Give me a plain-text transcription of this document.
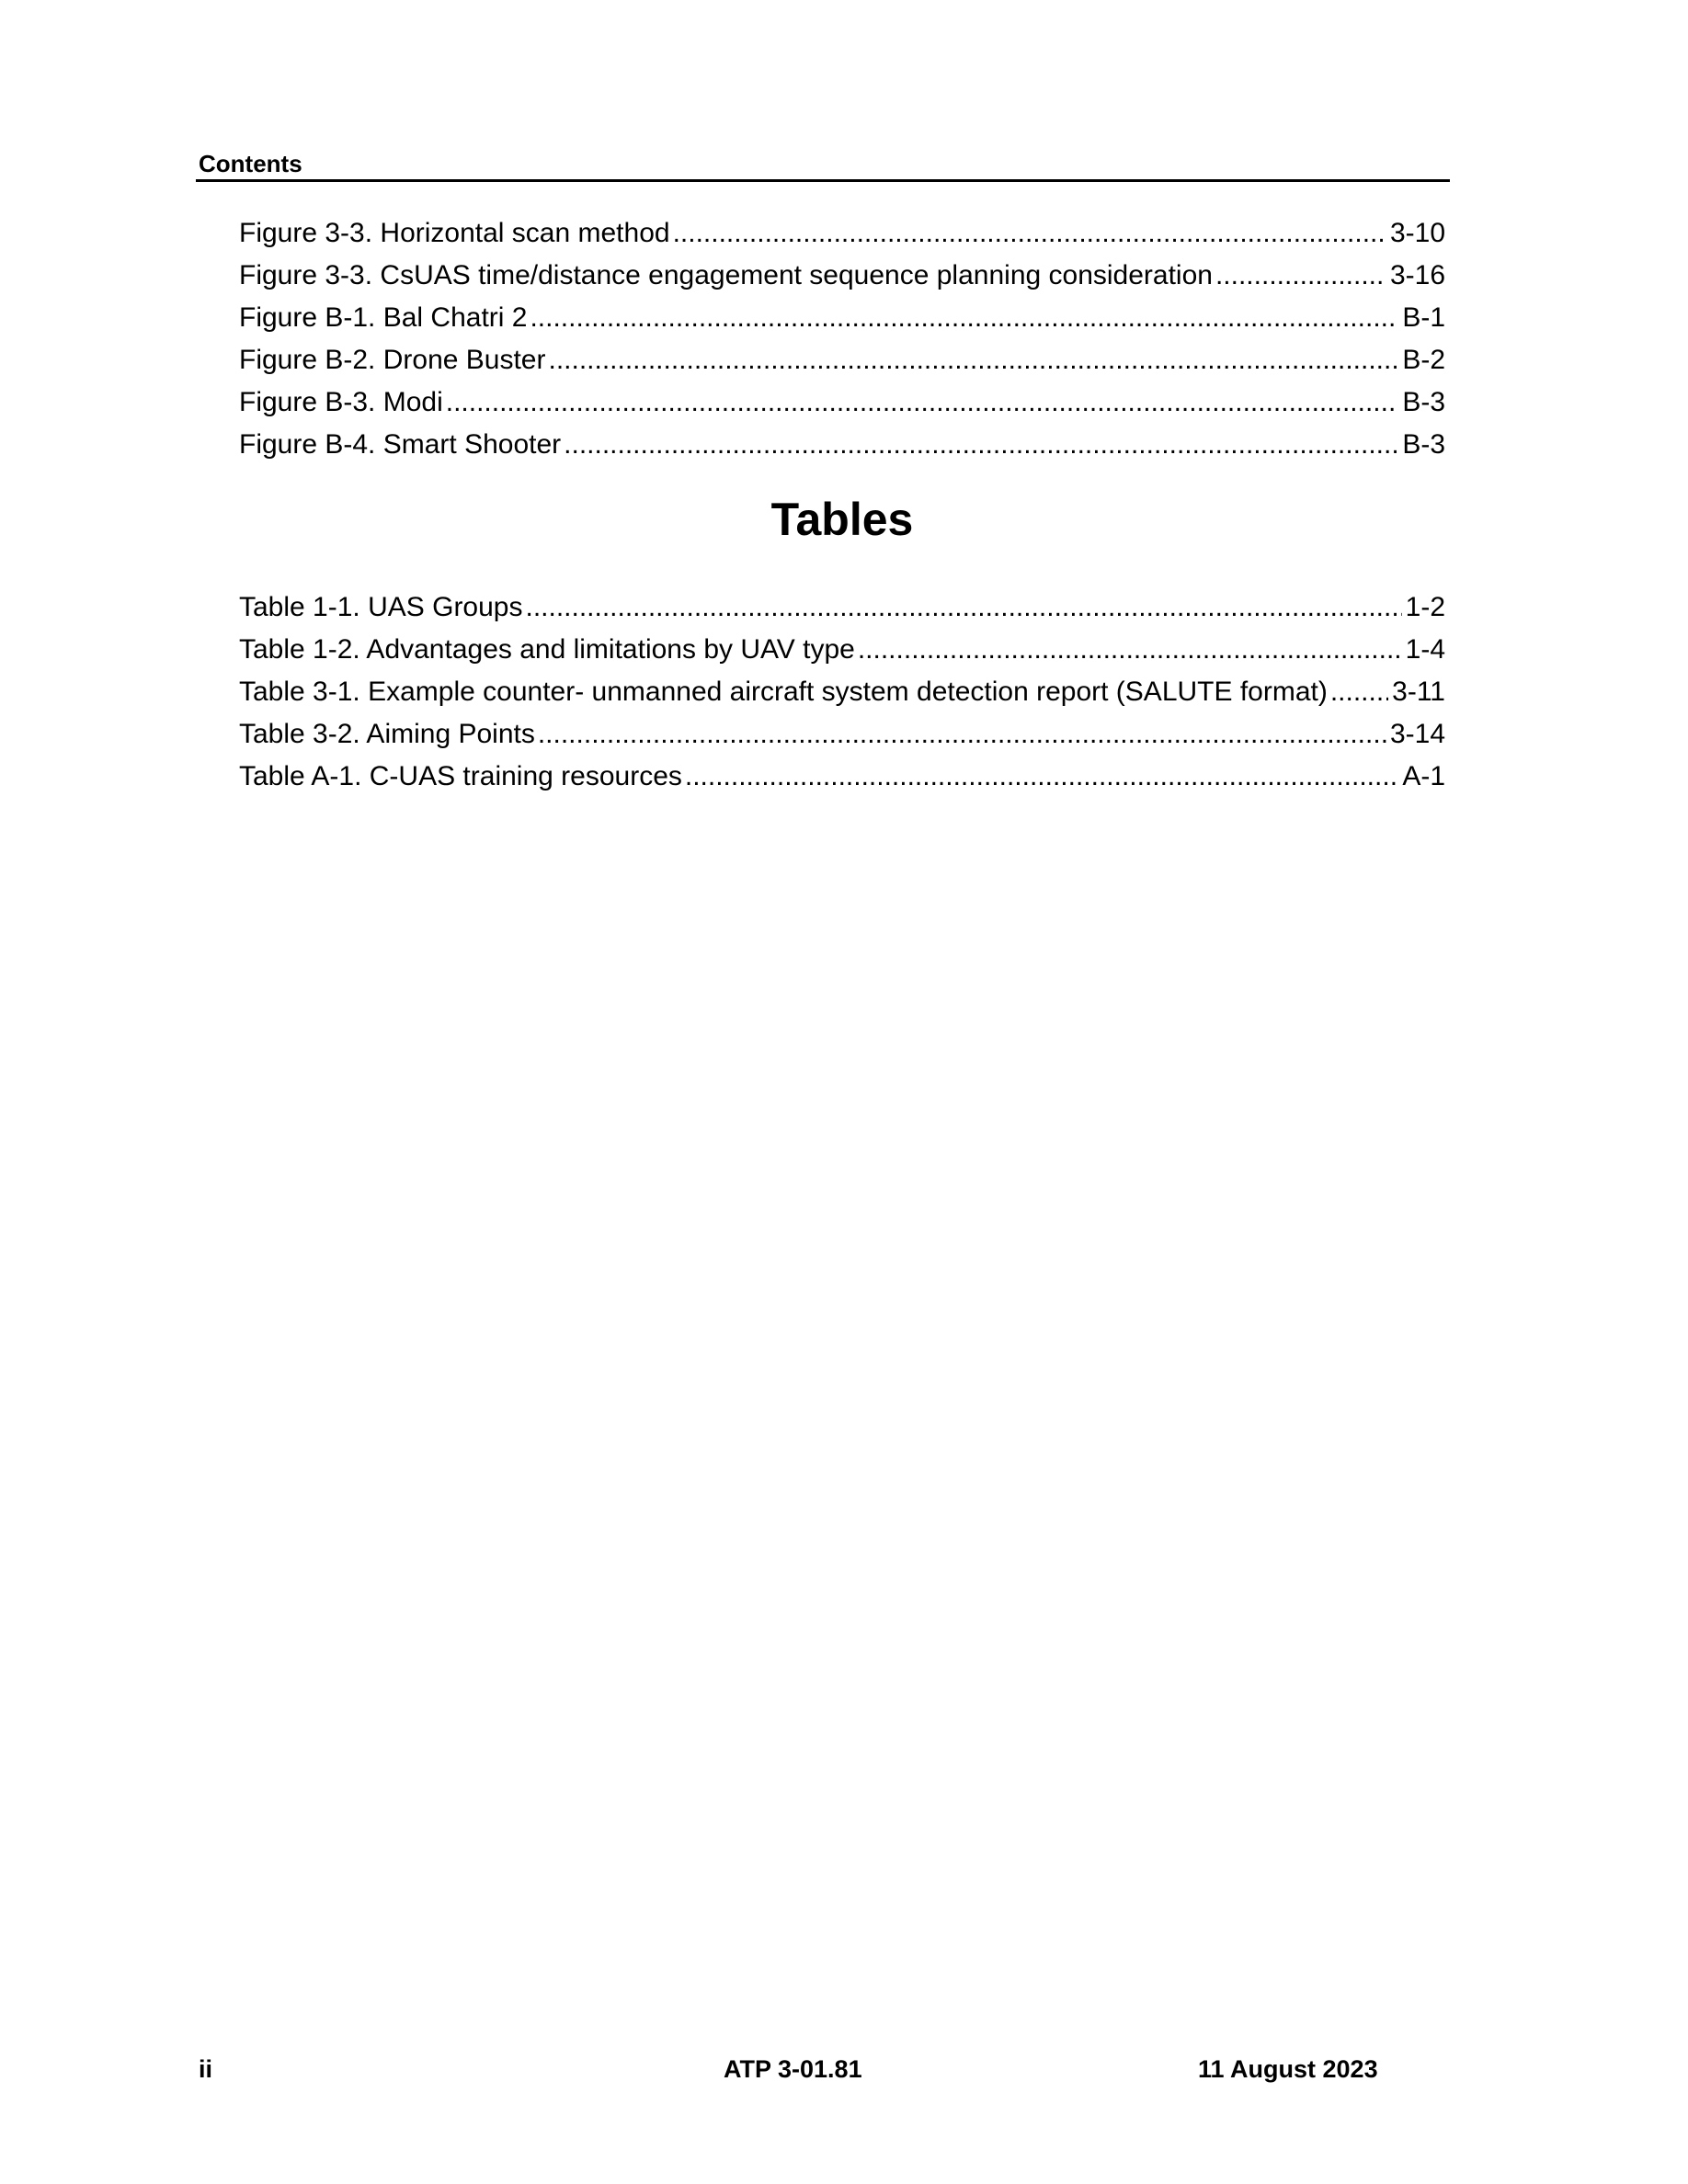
Contents
Figure 3-3. Horizontal scan method .....	3-10
Figure 3-3. CsUAS time/distance engagement sequence planning consideration .....	3-16
Figure B-1. Bal Chatri 2 .....	B-1
Figure B-2. Drone Buster .....	B-2
Figure B-3. Modi .....	B-3
Figure B-4. Smart Shooter .....	B-3
Tables
Table 1-1. UAS Groups .....	1-2
Table 1-2. Advantages and limitations by UAV type .....	1-4
Table 3-1. Example counter- unmanned aircraft system detection report (SALUTE format) ..... 3-11
Table 3-2. Aiming Points .....	3-14
Table A-1. C-UAS training resources .....	A-1
ii	ATP 3-01.81	11 August 2023
